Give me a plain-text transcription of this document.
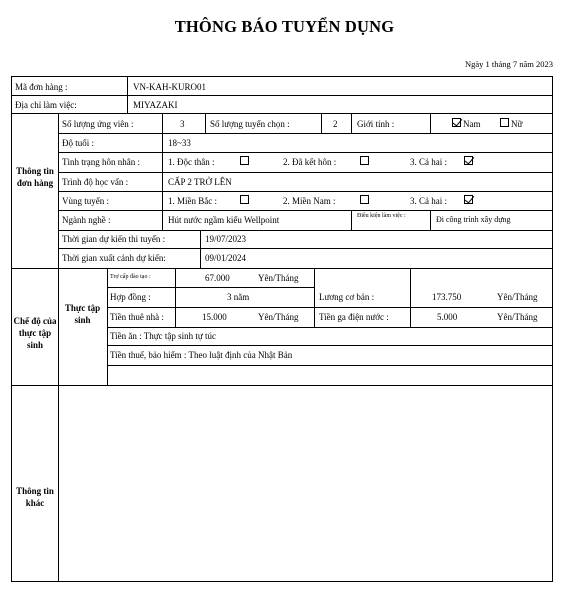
THÔNG BÁO TUYỂN DỤNG
Ngày 1 tháng 7 năm 2023
Mã đơn hàng :	VN-KAH-KURO01
Địa chỉ làm việc:	MIYAZAKI
Thông tin đơn hàng
Số lượng ứng viên :	3	Số lượng tuyển chọn :	2 Giới tính :	Nam	Nữ
Độ tuổi :	18~33
Tình trạng hôn nhân :	1. Độc thân :	2. Đã kết hôn :	3. Cả hai :
Trình độ học vấn :	CẤP 2 TRỞ LÊN
Vùng tuyển :	1. Miền Bắc :	2. Miền Nam :	3. Cả hai :
Ngành nghề :	Hút nước ngầm kiểu Wellpoint	Điều kiện làm việc :	Đi công trình xây dựng
Thời gian dự kiến thi tuyển :	19/07/2023
Thời gian xuất cảnh dự kiến:	09/01/2024
Chế độ của thực tập sinh
Thực tập sinh
Trợ cấp đào tạo :	67.000	Yên/Tháng
Hợp đồng :	3 năm	Lương cơ bản :	173.750	Yên/Tháng
Tiền thuê nhà :	15.000	Yên/Tháng Tiền ga điện nước :	5.000	Yên/Tháng
Tiền ăn : Thực tập sinh tự túc
Tiền thuế, bảo hiểm : Theo luật định của Nhật Bản
Thông tin khác
